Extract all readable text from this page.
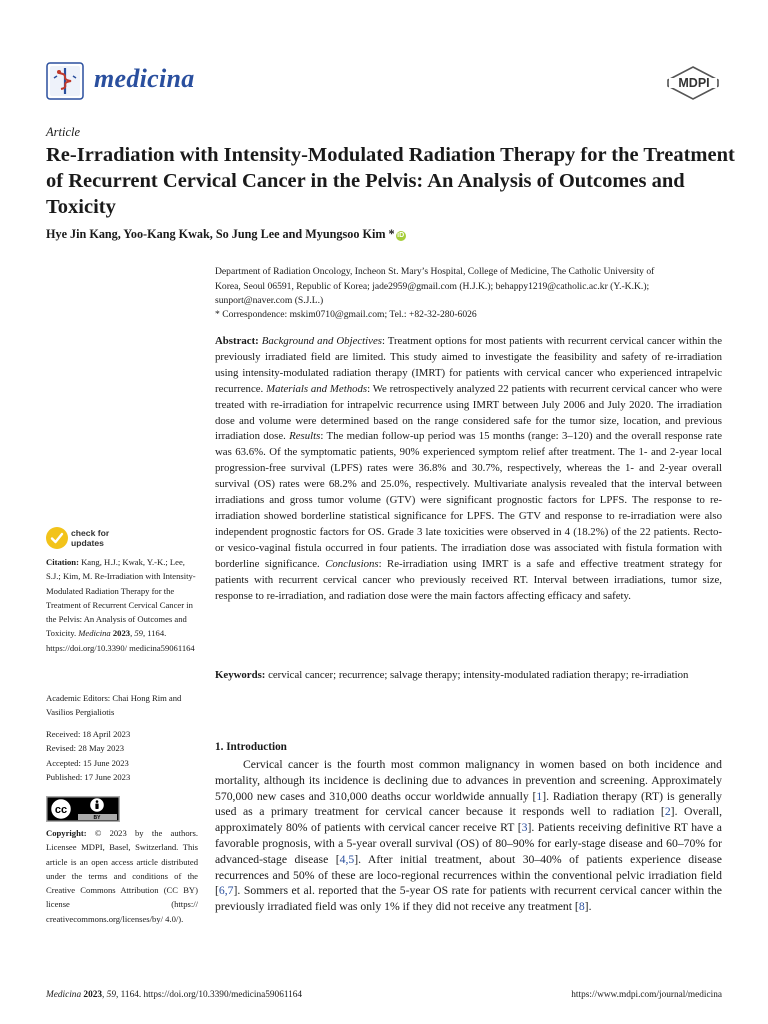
medicina	MDPI
Article
Re-Irradiation with Intensity-Modulated Radiation Therapy for the Treatment of Recurrent Cervical Cancer in the Pelvis: An Analysis of Outcomes and Toxicity
Hye Jin Kang, Yoo-Kang Kwak, So Jung Lee and Myungsoo Kim * iD
Department of Radiation Oncology, Incheon St. Mary’s Hospital, College of Medicine, The Catholic University of
Korea, Seoul 06591, Republic of Korea; jade2959@gmail.com (H.J.K.); behappy1219@catholic.ac.kr (Y.-K.K.);
sunport@naver.com (S.J.L.)
* Correspondence: mskim0710@gmail.com; Tel.: +82-32-280-6026

Abstract: Background and Objectives: Treatment options for most patients with recurrent cervical cancer within the previously irradiated field are limited. This study aimed to investigate the feasibility and safety of re-irradiation using intensity-modulated radiation therapy (IMRT) for patients with cervical cancer who experienced intrapelvic recurrence. Materials and Methods: We retrospectively analyzed 22 patients with recurrent cervical cancer who were treated with re-irradiation for intrapelvic recurrence using IMRT between July 2006 and July 2020. The irradiation dose and volume were determined based on the range considered safe for the tumor size, location, and previous irradiation dose. Results: The median follow-up period was 15 months (range: 3–120) and the overall response rate was 63.6%. Of the symptomatic patients, 90% experienced symptom relief after treatment. The 1- and 2-year local progression-free survival (LPFS) rates were 36.8% and 30.7%, respectively, whereas the 1- and 2-year overall survival (OS) rates were 68.2% and 25.0%, respectively. Multivariate analysis revealed that the interval between irradiations and gross tumor volume (GTV) were significant prognostic factors for LPFS. The response to re-irradiation showed borderline statistical significance for LPFS. The GTV and response to re-irradiation were also independent prognostic factors for OS. Grade 3 late toxicities were observed in 4 (18.2%) of the 22 patients. Recto- or vesico-vaginal fistula occurred in four patients. The irradiation dose was associated with fistula formation with borderline significance. Conclusions: Re-irradiation using IMRT is a safe and effective treatment strategy for patients with recurrent cervical cancer who previously received RT. Interval between irradiations, tumor size, response to re-irradiation, and radiation dose were the main factors affecting efficacy and safety.

Keywords: cervical cancer; recurrence; salvage therapy; intensity-modulated radiation therapy; re-irradiation
check for
updates
Citation: Kang, H.J.; Kwak, Y.-K.; Lee, S.J.; Kim, M. Re-Irradiation with Intensity-Modulated Radiation Therapy for the Treatment of Recurrent Cervical Cancer in the Pelvis: An Analysis of Outcomes and Toxicity. Medicina 2023, 59, 1164. https://doi.org/10.3390/ medicina59061164
Academic Editors: Chai Hong Rim and Vasilios Pergialiotis
Received: 18 April 2023
Revised: 28 May 2023
Accepted: 15 June 2023
Published: 17 June 2023
cc
BY
Copyright: © 2023 by the authors. Licensee MDPI, Basel, Switzerland. This article is an open access article distributed under the terms and conditions of the Creative Commons Attribution (CC BY) license (https:// creativecommons.org/licenses/by/ 4.0/).
1. Introduction

Cervical cancer is the fourth most common malignancy in women based on both incidence and mortality, although its incidence is declining due to advances in prevention and screening. Approximately 570,000 new cases and 310,000 deaths occur worldwide annually [1]. Radiation therapy (RT) is generally used as a primary treatment for cervical cancer because it responds well to radiation [2]. Overall, approximately 80% of patients with cervical cancer receive RT [3]. Patients receiving definitive RT have a favorable prognosis, with a 5-year overall survival (OS) of 80–90% for early-stage disease and 60–70% for advanced-stage disease [4,5]. After initial treatment, about 30–40% of patients experience disease recurrences and 50% of these are loco-regional recurrences within the conventional pelvic irradiation field [6,7]. Sommers et al. reported that the 5-year OS rate for patients with recurrent cervical cancer within the previously irradiated field was only 1% if they did not receive any treatment [8].

Medicina 2023, 59, 1164. https://doi.org/10.3390/medicina59061164	https://www.mdpi.com/journal/medicina
